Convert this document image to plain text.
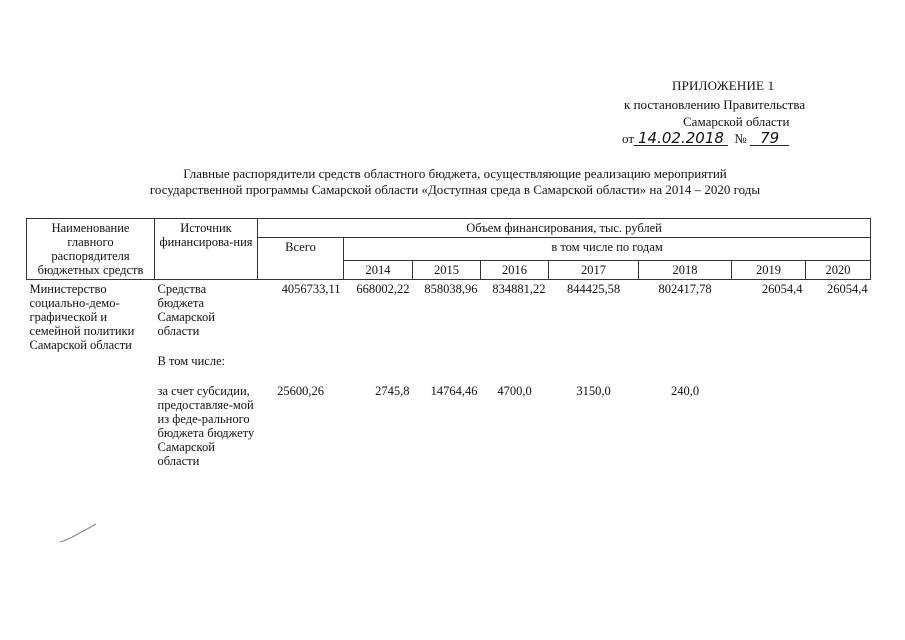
ПРИЛОЖЕНИЕ 1
к постановлению Правительства
Самарской области
от 14.02.2018 № 79
Главные распорядители средств областного бюджета, осуществляющие реализацию мероприятий
государственной программы Самарской области «Доступная среда в Самарской области» на 2014 – 2020 годы
Наименование главного распорядителя бюджетных средств	Источник финансирова-ния	Объем финансирования, тыс. рублей							
		Всего	в том числе по годам						
			2014	2015	2016	2017	2018	2019	2020
Министерство социально-демо-графической и семейной политики Самарской области	Средства бюджета Самарской области	4056733,11	668002,22	858038,96	834881,22	844425,58	802417,78	26054,4	26054,4
	В том числе:								
	за счет субсидии, предоставляе-мой из феде-рального бюджета бюджету Самарской области	25600,26	2745,8	14764,46	4700,0	3150,0	240,0		
